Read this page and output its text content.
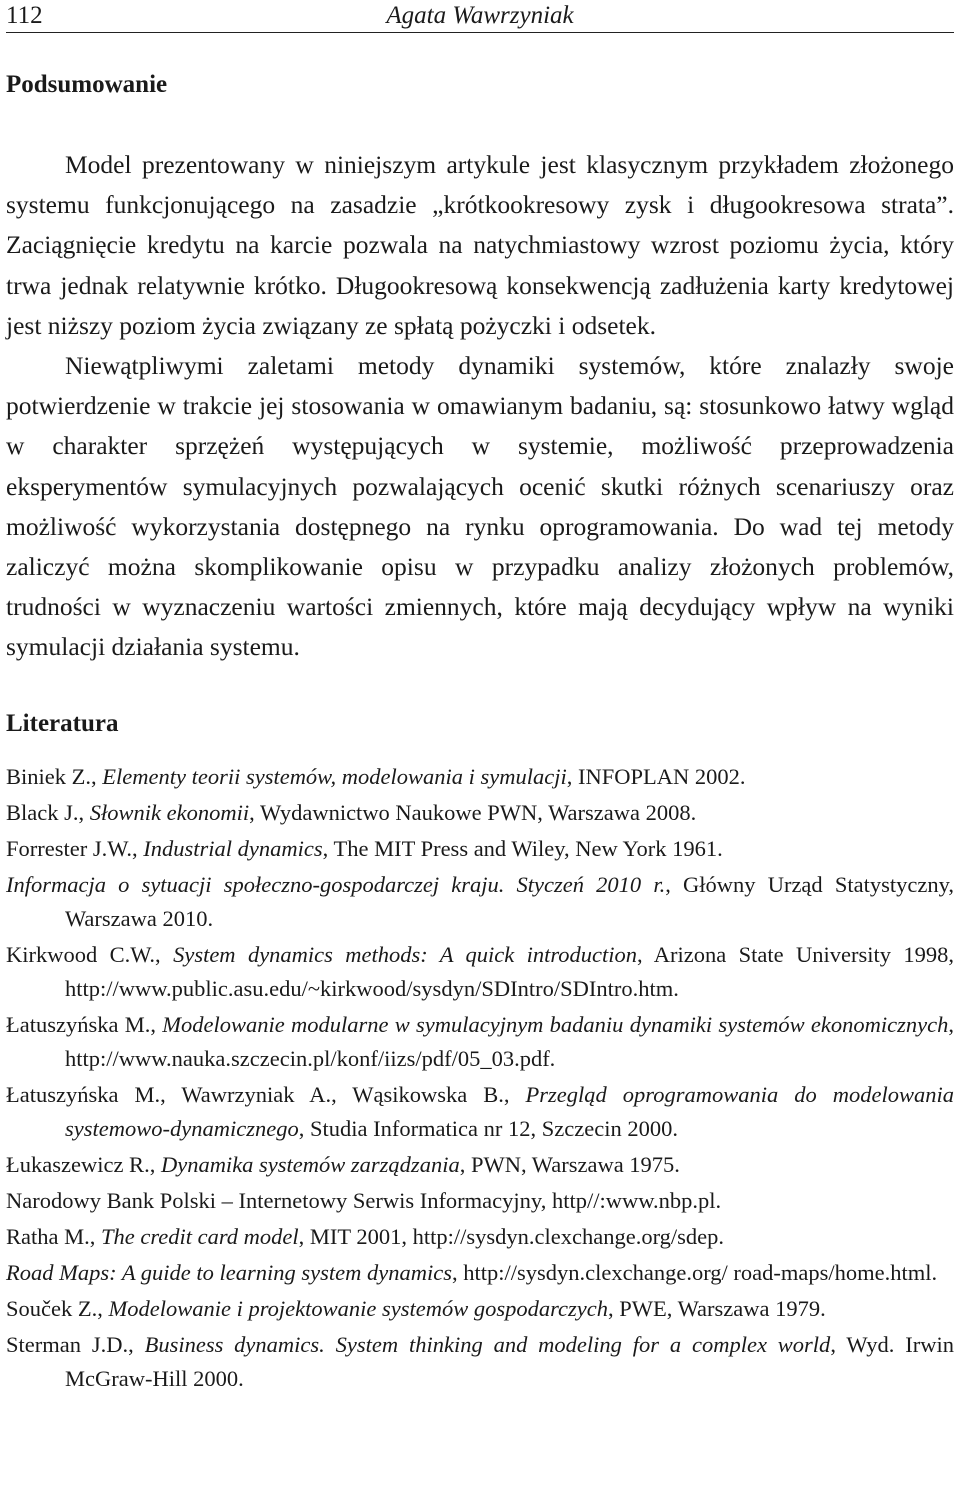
112	Agata Wawrzyniak
Podsumowanie

Model prezentowany w niniejszym artykule jest klasycznym przykładem złożonego systemu funkcjonującego na zasadzie „krótkookresowy zysk i długookresowa strata”. Zaciągnięcie kredytu na karcie pozwala na natychmiastowy wzrost poziomu życia, który trwa jednak relatywnie krótko. Długookresową konsekwencją zadłużenia karty kredytowej jest niższy poziom życia związany ze spłatą pożyczki i odsetek.

Niewątpliwymi zaletami metody dynamiki systemów, które znalazły swoje potwierdzenie w trakcie jej stosowania w omawianym badaniu, są: stosunkowo łatwy wgląd w charakter sprzężeń występujących w systemie, możliwość przeprowadzenia eksperymentów symulacyjnych pozwalających ocenić skutki różnych scenariuszy oraz możliwość wykorzystania dostępnego na rynku oprogramowania. Do wad tej metody zaliczyć można skomplikowanie opisu w przypadku analizy złożonych problemów, trudności w wyznaczeniu wartości zmiennych, które mają decydujący wpływ na wyniki symulacji działania systemu.

Literatura
Biniek Z., Elementy teorii systemów, modelowania i symulacji, INFOPLAN 2002.
Black J., Słownik ekonomii, Wydawnictwo Naukowe PWN, Warszawa 2008.
Forrester J.W., Industrial dynamics, The MIT Press and Wiley, New York 1961.
Informacja o sytuacji społeczno-gospodarczej kraju. Styczeń 2010 r., Główny Urząd Statystyczny, Warszawa 2010.
Kirkwood C.W., System dynamics methods: A quick introduction, Arizona State University 1998, http://www.public.asu.edu/~kirkwood/sysdyn/SDIntro/SDIntro.htm.
Łatuszyńska M., Modelowanie modularne w symulacyjnym badaniu dynamiki systemów ekonomicznych, http://www.nauka.szczecin.pl/konf/iizs/pdf/05_03.pdf.
Łatuszyńska M., Wawrzyniak A., Wąsikowska B., Przegląd oprogramowania do modelowania systemowo-dynamicznego, Studia Informatica nr 12, Szczecin 2000.
Łukaszewicz R., Dynamika systemów zarządzania, PWN, Warszawa 1975.
Narodowy Bank Polski – Internetowy Serwis Informacyjny, http//:www.nbp.pl.
Ratha M., The credit card model, MIT 2001, http://sysdyn.clexchange.org/sdep.
Road Maps: A guide to learning system dynamics, http://sysdyn.clexchange.org/ road-maps/home.html.
Souček Z., Modelowanie i projektowanie systemów gospodarczych, PWE, Warszawa 1979.
Sterman J.D., Business dynamics. System thinking and modeling for a complex world, Wyd. Irwin McGraw-Hill 2000.
